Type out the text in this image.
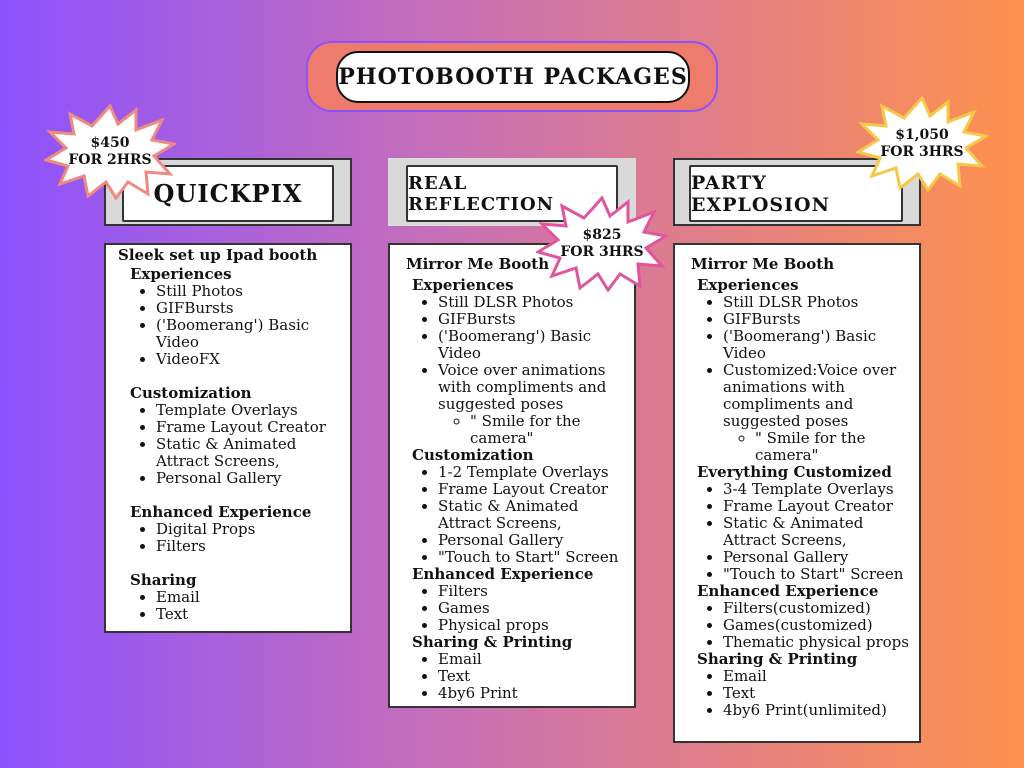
PHOTOBOOTH PACKAGES
QUICKPIX	REAL REFLECTION
PARTY EXPLOSION
Sleek set up Ipad booth
Experiences
• Still Photos
• GIFBursts
• ('Boomerang') Basic Video
• VideoFX
Customization
• Template Overlays
• Frame Layout Creator
• Static & Animated Attract Screens,
• Personal Gallery
Enhanced Experience
• Digital Props
• Filters
Sharing
• Email
• Text
Mirror Me Booth
Experiences
• Still DLSR Photos
• GIFBursts
• ('Boomerang') Basic Video
• Voice over animations with compliments and suggested poses
◦ " Smile for the camera"
Customization
• 1-2 Template Overlays
• Frame Layout Creator
• Static & Animated Attract Screens,
• Personal Gallery
• "Touch to Start" Screen
Enhanced Experience
• Filters
• Games
• Physical props
Sharing & Printing
• Email
• Text
• 4by6 Print
Mirror Me Booth
Experiences
• Still DLSR Photos
• GIFBursts
• ('Boomerang') Basic Video
• Customized:Voice over animations with compliments and suggested poses
◦ " Smile for the camera"
Everything Customized
• 3-4 Template Overlays
• Frame Layout Creator
• Static & Animated Attract Screens,
• Personal Gallery
• "Touch to Start" Screen
Enhanced Experience
• Filters(customized)
• Games(customized)
• Thematic physical props
Sharing & Printing
• Email
• Text
• 4by6 Print(unlimited)
$450
FOR 2HRS
$825
FOR 3HRS
$1,050
FOR 3HRS
